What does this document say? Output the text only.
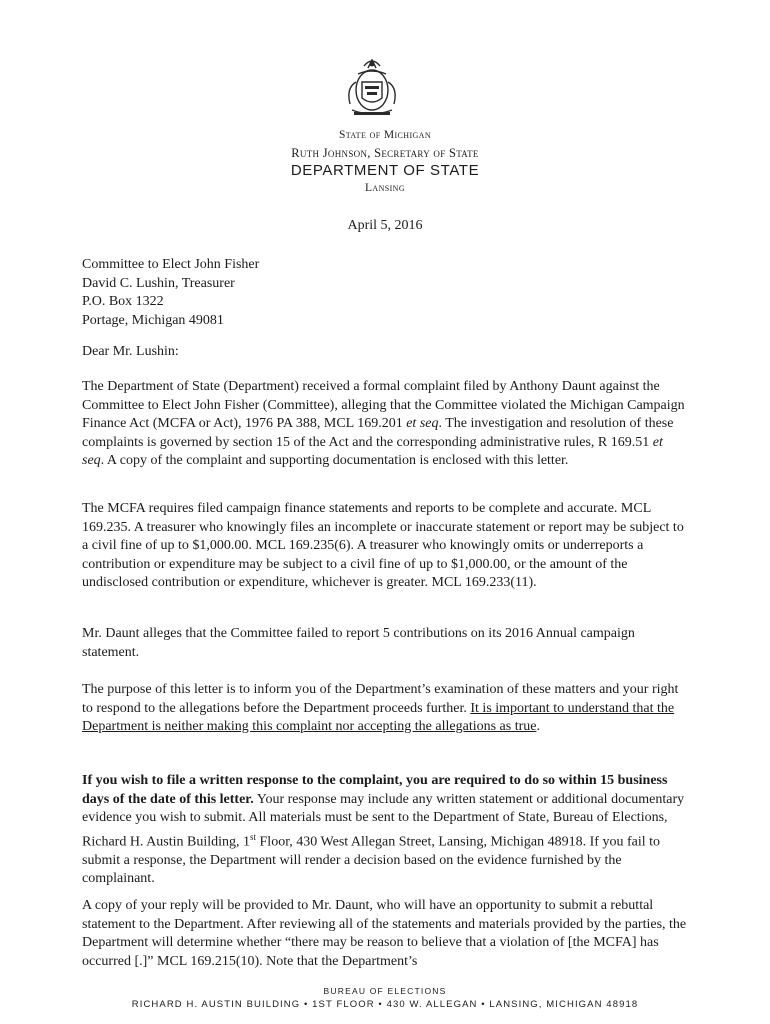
State of Michigan
Ruth Johnson, Secretary of State
DEPARTMENT OF STATE
Lansing
April 5, 2016
Committee to Elect John Fisher
David C. Lushin, Treasurer
P.O. Box 1322
Portage, Michigan 49081
Dear Mr. Lushin:

The Department of State (Department) received a formal complaint filed by Anthony Daunt against the Committee to Elect John Fisher (Committee), alleging that the Committee violated the Michigan Campaign Finance Act (MCFA or Act), 1976 PA 388, MCL 169.201 et seq. The investigation and resolution of these complaints is governed by section 15 of the Act and the corresponding administrative rules, R 169.51 et seq. A copy of the complaint and supporting documentation is enclosed with this letter.

The MCFA requires filed campaign finance statements and reports to be complete and accurate. MCL 169.235. A treasurer who knowingly files an incomplete or inaccurate statement or report may be subject to a civil fine of up to $1,000.00. MCL 169.235(6). A treasurer who knowingly omits or underreports a contribution or expenditure may be subject to a civil fine of up to $1,000.00, or the amount of the undisclosed contribution or expenditure, whichever is greater. MCL 169.233(11).

Mr. Daunt alleges that the Committee failed to report 5 contributions on its 2016 Annual campaign statement.

The purpose of this letter is to inform you of the Department’s examination of these matters and your right to respond to the allegations before the Department proceeds further. It is important to understand that the Department is neither making this complaint nor accepting the allegations as true.

If you wish to file a written response to the complaint, you are required to do so within 15 business days of the date of this letter. Your response may include any written statement or additional documentary evidence you wish to submit. All materials must be sent to the Department of State, Bureau of Elections, Richard H. Austin Building, 1st Floor, 430 West Allegan Street, Lansing, Michigan 48918. If you fail to submit a response, the Department will render a decision based on the evidence furnished by the complainant.

A copy of your reply will be provided to Mr. Daunt, who will have an opportunity to submit a rebuttal statement to the Department. After reviewing all of the statements and materials provided by the parties, the Department will determine whether “there may be reason to believe that a violation of [the MCFA] has occurred [.]” MCL 169.215(10). Note that the Department’s

BUREAU OF ELECTIONS
RICHARD H. AUSTIN BUILDING • 1ST FLOOR • 430 W. ALLEGAN • LANSING, MICHIGAN 48918
